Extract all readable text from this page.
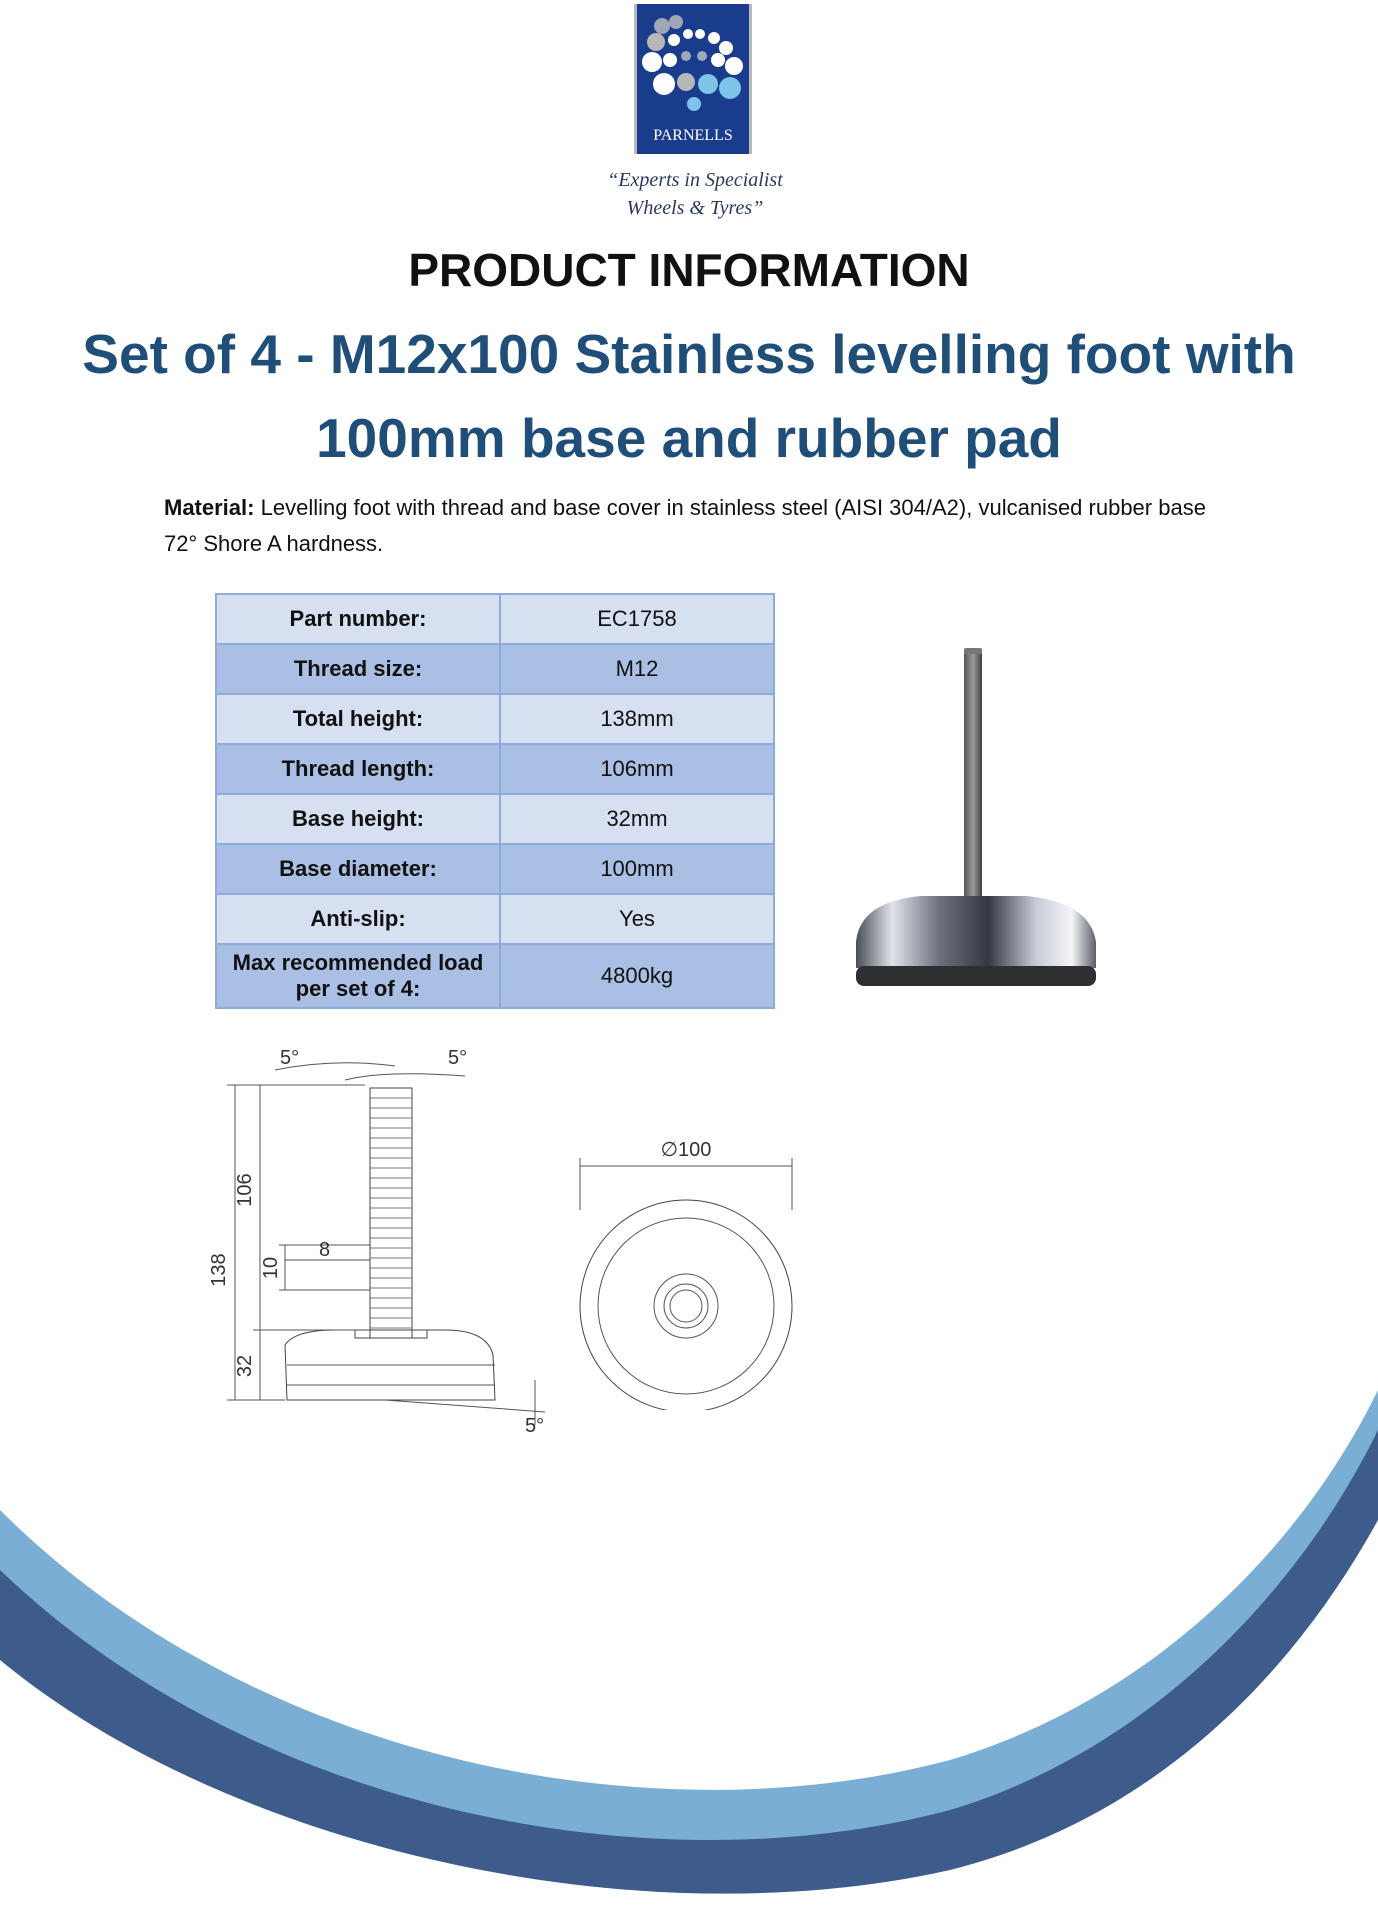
PARNELLS
“Experts in Specialist
Wheels & Tyres”
PRODUCT INFORMATION
Set of 4 - M12x100 Stainless levelling foot with 100mm base and rubber pad
Material: Levelling foot with thread and base cover in stainless steel (AISI 304/A2), vulcanised rubber base 72° Shore A hardness.
Part number:	EC1758
Thread size:	M12
Total height:	138mm
Thread length:	106mm
Base height:	32mm
Base diameter:	100mm
Anti-slip:	Yes

Max recommended load
per set of 4:	4800kg
5°	5°
138
106
10
8
32
5°
∅100
